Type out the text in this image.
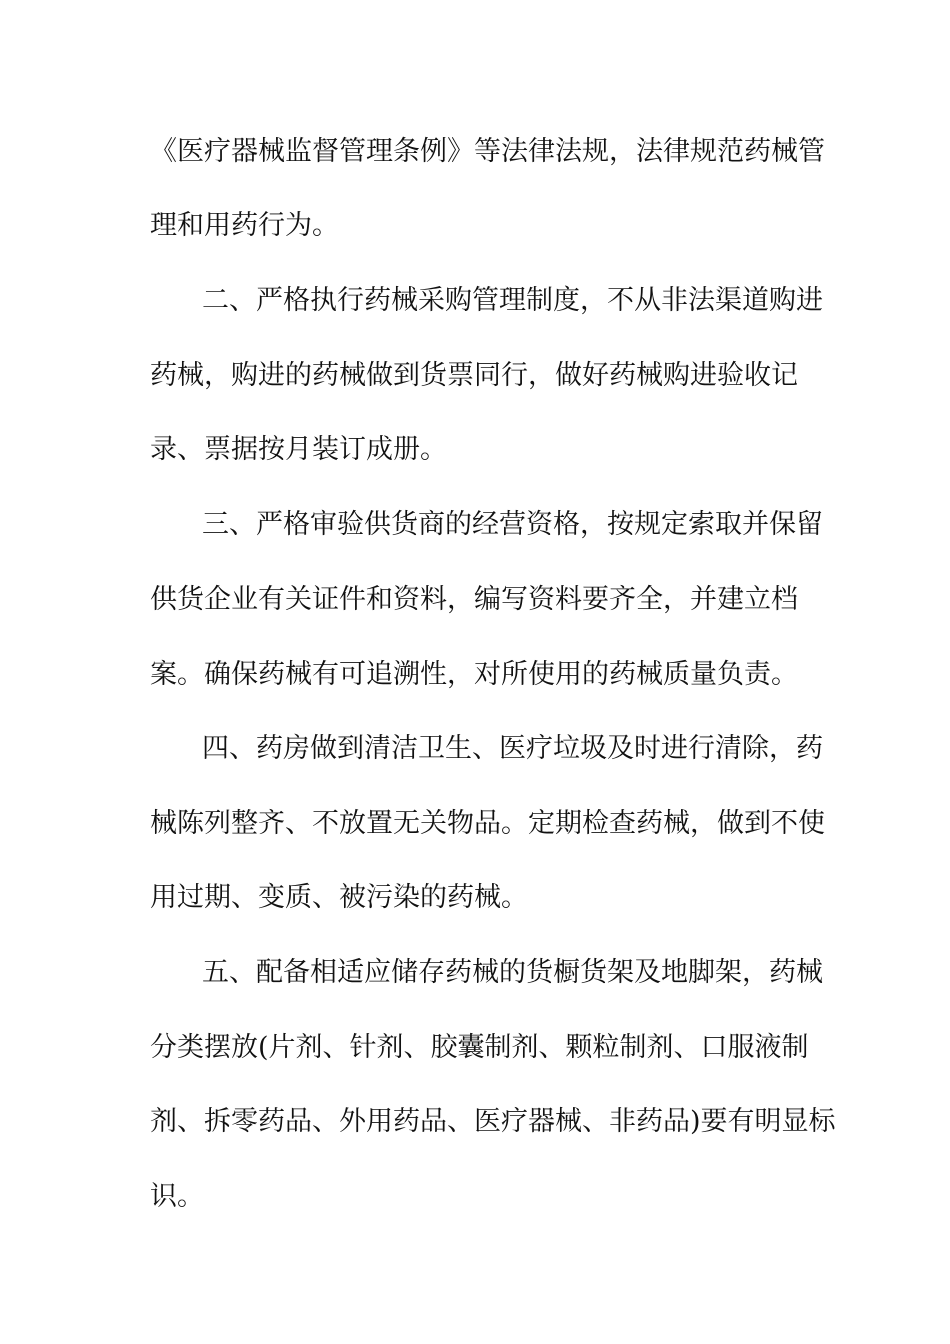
《医疗器械监督管理条例》等法律法规，法律规范药械管
理和用药行为。
二、严格执行药械采购管理制度，不从非法渠道购进
药械，购进的药械做到货票同行，做好药械购进验收记
录、票据按月装订成册。
三、严格审验供货商的经营资格，按规定索取并保留
供货企业有关证件和资料，编写资料要齐全，并建立档
案。确保药械有可追溯性，对所使用的药械质量负责。
四、药房做到清洁卫生、医疗垃圾及时进行清除，药
械陈列整齐、不放置无关物品。定期检查药械，做到不使
用过期、变质、被污染的药械。
五、配备相适应储存药械的货橱货架及地脚架，药械
分类摆放(片剂、针剂、胶囊制剂、颗粒制剂、口服液制
剂、拆零药品、外用药品、医疗器械、非药品)要有明显标
识。
